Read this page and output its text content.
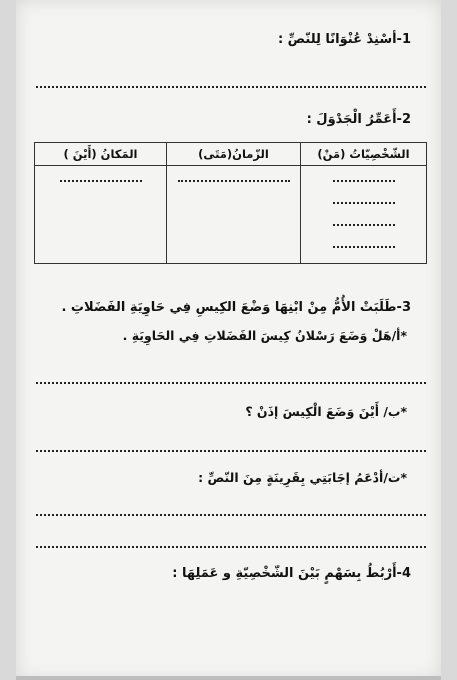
1-أسْنِدْ عُنْوَانًا لِلنّصِّ :
2-أَعَمِّرُ الْجَدْوَلَ :
الشّخْصِيّاتُ (مَنْ)	الزّمانُ(مَتَى)	المَكانُ (أَيْنَ )

3-طَلَبَتْ الأُمُّ مِنْ ابْنِهَا وَضْعَ الكِيسِ فِي حَاوِيَةِ الفَضَلاتِ .
*أ/هَلْ وَضَعَ رَسْلانُ كِيسَ الفَضَلاتِ فِي الحَاوِيَةِ .
*ب/ أَيْنَ وَضَعَ الْكِيسَ إذَنْ ؟
*ت/أدْعَمُ إجَابَتِي بِقَرِينَةٍ مِنَ النّصِّ :
4-أَرْبُطُ بِسَهْمٍ بَيْنَ الشّخْصِيّةِ و عَمَلِهَا :
